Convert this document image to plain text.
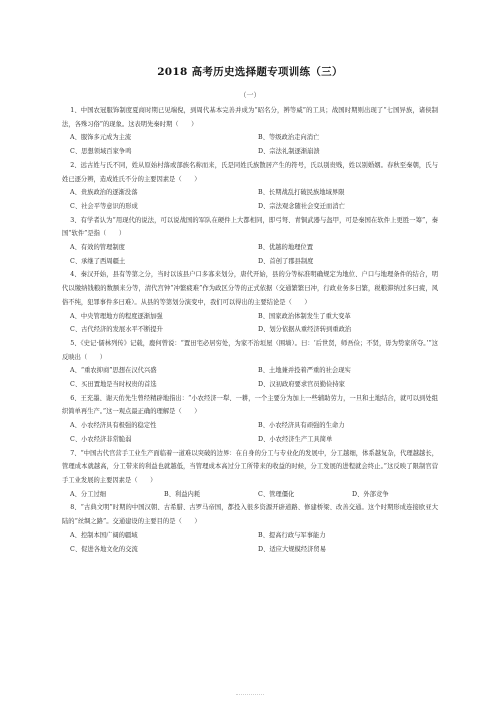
2018 高考历史选择题专项训练（三）
（一）

1、中国农冠服饰制度夏商时期已见端倪，到周代基本完善并成为“昭名分，辨等威”的工具；战国时期则出现了“七国异族，诸侯制法，各殊习俗”的现象。这表明先秦时期（　　）

A、服饰多元成为主流	B、等级政治走向消亡
C、思想领域百家争鸣	D、宗法礼制逐渐崩溃

2、远古姓与氏不同，姓从原始村落或部族名称而来，氏是同姓氏族散居产生的符号，氏以别贵贱，姓以别婚姻。春秋至秦朝，氏与姓已逐分辨，造成姓氏不分的主要因素是（　　）

A、贵族政治的逐渐没落	B、长期战乱打破民族地域界限
C、社会平等意识的形成	D、宗法观念随社会变迁而消亡

3、有学者认为“用现代的说法，可以说战国的军队在硬件上大都相同，即弓弩、青铜武器与盔甲，可是秦国在软件上更胜一筹”，秦国“软件”是指（　　）

A、有效的管理制度	B、优越的地理位置
C、承继了西周疆土	D、首创了郡县制度

4、秦汉开始，县有等第之分，当时以该县户口多寡来划分，唐代开始，县的分等标准明确规定为地位、户口与地理条件的结合，明代以缴纳钱粮的数额来分等，清代宫钟“冲繁疲难”作为政区分等的正式依据（交通繁繁曰冲，行政业务多曰繁，税粮滞纳过多曰疲，风俗不纯，犯罪事件多曰难）。从县的等第划分演变中，我们可以得出的主要结论是（　　）

A、中央管理地方的程度逐渐加强	B、国家政治体制发生了重大变革
C、古代经济的发展水平不断提升	D、划分依据从重经济转到重政治

5、《史记·儒林列传》记载，鹿何曾说：“置田宅必居穷处，为家不治垣屋（围墙）。曰：‘后世贤，师吾俭；不贤，毋为势家所夺。’”这反映出（　　）

A、“重农抑商”思想在汉代兴盛	B、土地兼并投着严重的社会现实
C、买田置地是当时权贵的首选	D、汉初政府要求官员勤俭持家

6、王充墨、谢天佑先生曾经精辟地指出：“小农经济一犁、一耕，一个主要分为加上一些辅助劳力，一旦和土地结合，就可以到处组织简单再生产。”这一观点最正确的理解是（　　）

A、小农经济具有极强的稳定性	B、小农经济具有顽强的生命力
C、小农经济非常脆弱	D、小农经济生产工具简单

7、“中国古代官营手工业生产面临着一道难以突破的边界：在自身的分工与专业化的发展中，分工越细，体系越复杂，代理越越长，管理成本就越高，分工带来的利益也就越低，当管理成本高过分工所带来的收益的时候，分工发展的进程就会终止。”这反映了限制官营手工业发展的主要因素是（　　）

A、分工过细	B、利益内耗	C、管理僵化	D、外部竞争

8、“古典文明”时期的中国汉朝、古希腊、古罗马帝国，都投入很多资源开辟道路、修建桥梁、改善交通。这个时期形成连接欧亚大陆的“丝绸之路”。交通建设的主要目的是（　　）

A、控制本国广阔的疆域	B、提高行政与军事能力
C、促进各地文化的交流	D、适应大规模经济贸易
